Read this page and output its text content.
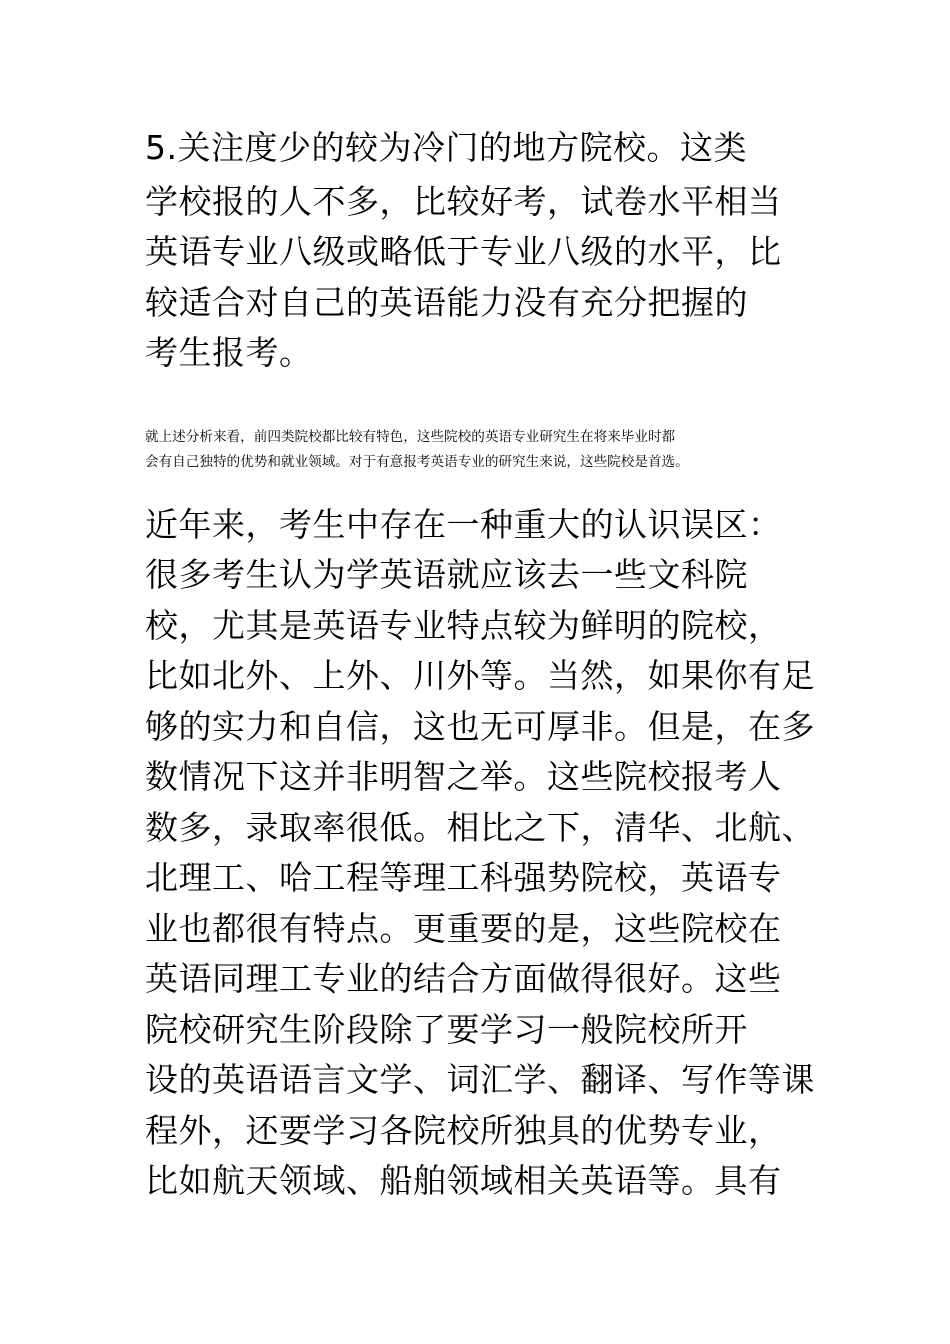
5.关注度少的较为冷门的地方院校。这类
学校报的人不多，比较好考，试卷水平相当
英语专业八级或略低于专业八级的水平，比
较适合对自己的英语能力没有充分把握的
考生报考。
就上述分析来看，前四类院校都比较有特色，这些院校的英语专业研究生在将来毕业时都
会有自己独特的优势和就业领域。对于有意报考英语专业的研究生来说，这些院校是首选。
近年来，考生中存在一种重大的认识误区：
很多考生认为学英语就应该去一些文科院
校，尤其是英语专业特点较为鲜明的院校，
比如北外、上外、川外等。当然，如果你有足
够的实力和自信，这也无可厚非。但是，在多
数情况下这并非明智之举。这些院校报考人
数多，录取率很低。相比之下，清华、北航、
北理工、哈工程等理工科强势院校，英语专
业也都很有特点。更重要的是，这些院校在
英语同理工专业的结合方面做得很好。这些
院校研究生阶段除了要学习一般院校所开
设的英语语言文学、词汇学、翻译、写作等课
程外，还要学习各院校所独具的优势专业，
比如航天领域、船舶领域相关英语等。具有
